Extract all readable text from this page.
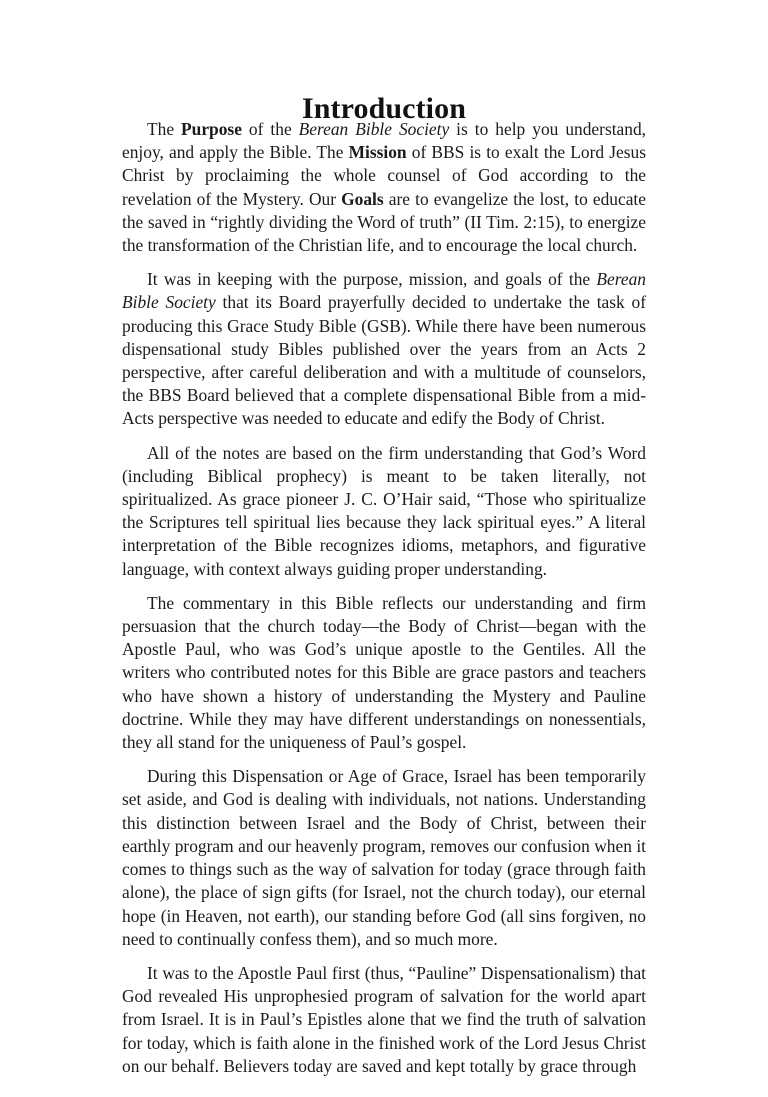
Introduction

The Purpose of the Berean Bible Society is to help you understand, enjoy, and apply the Bible. The Mission of BBS is to exalt the Lord Jesus Christ by proclaiming the whole counsel of God according to the revelation of the Mystery. Our Goals are to evangelize the lost, to educate the saved in “rightly dividing the Word of truth” (II Tim. 2:15), to energize the transformation of the Christian life, and to encourage the local church.

It was in keeping with the purpose, mission, and goals of the Berean Bible Society that its Board prayerfully decided to undertake the task of producing this Grace Study Bible (GSB). While there have been numerous dispensational study Bibles published over the years from an Acts 2 perspective, after careful deliberation and with a multitude of counselors, the BBS Board believed that a complete dispensational Bible from a mid-Acts perspective was needed to educate and edify the Body of Christ.

All of the notes are based on the firm understanding that God’s Word (including Biblical prophecy) is meant to be taken literally, not spiritualized. As grace pioneer J. C. O’Hair said, “Those who spiritualize the Scriptures tell spiritual lies because they lack spiritual eyes.” A literal interpretation of the Bible recognizes idioms, metaphors, and figurative language, with context always guiding proper understanding.

The commentary in this Bible reflects our understanding and firm persuasion that the church today—the Body of Christ—began with the Apostle Paul, who was God’s unique apostle to the Gentiles. All the writers who contributed notes for this Bible are grace pastors and teachers who have shown a history of understanding the Mystery and Pauline doctrine. While they may have different understandings on nonessentials, they all stand for the uniqueness of Paul’s gospel.

During this Dispensation or Age of Grace, Israel has been temporarily set aside, and God is dealing with individuals, not nations. Understanding this distinction between Israel and the Body of Christ, between their earthly program and our heavenly program, removes our confusion when it comes to things such as the way of salvation for today (grace through faith alone), the place of sign gifts (for Israel, not the church today), our eternal hope (in Heaven, not earth), our standing before God (all sins forgiven, no need to continually confess them), and so much more.

It was to the Apostle Paul first (thus, “Pauline” Dispensationalism) that God revealed His unprophesied program of salvation for the world apart from Israel. It is in Paul’s Epistles alone that we find the truth of salvation for today, which is faith alone in the finished work of the Lord Jesus Christ on our behalf. Believers today are saved and kept totally by grace through
